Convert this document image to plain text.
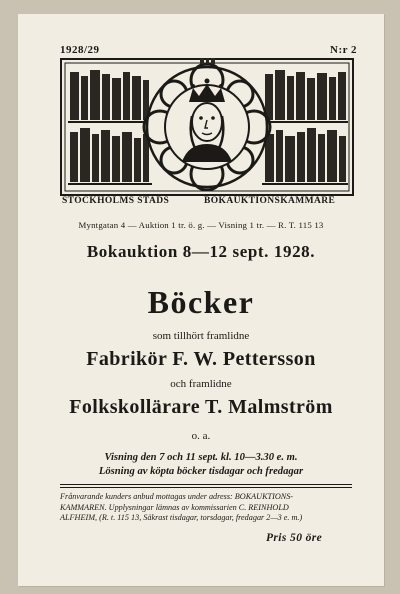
1928/29	N:r 2
STOCKHOLMS STADS	BOKAUKTIONSKAMMARE
Myntgatan 4 — Auktion 1 tr. ö. g. — Visning 1 tr. — R. T. 115 13
Bokauktion 8—12 sept. 1928.
Böcker
som tillhört framlidne
Fabrikör F. W. Pettersson
och framlidne
Folkskollärare T. Malmström
o. a.
Visning den 7 och 11 sept. kl. 10—3.30 e. m.
Lösning av köpta böcker tisdagar och fredagar
Frånvarande kunders anbud mottagas under adress: BOKAUKTIONS-
KAMMAREN. Upplysningar lämnas av kommissarien C. REINHOLD
ALFHEIM, (R. t. 115 13, Säkrast tisdagar, torsdagar, fredagar 2—3 e. m.)
Pris 50 öre
